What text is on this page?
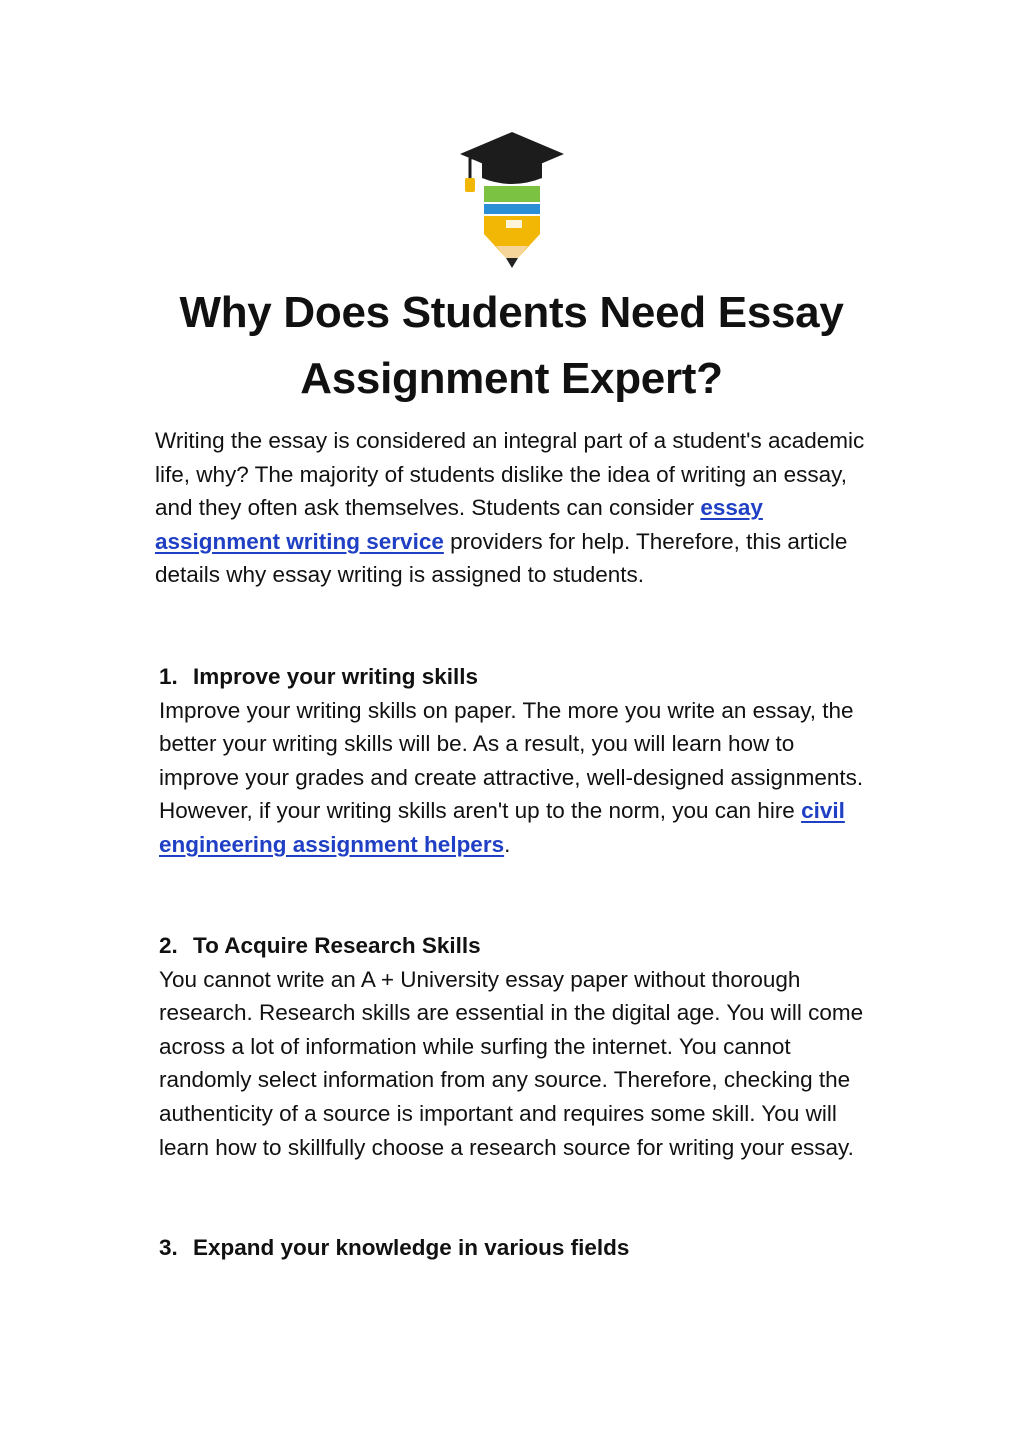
Why Does Students Need Essay
Assignment Expert?

Writing the essay is considered an integral part of a student's academic life, why? The majority of students dislike the idea of writing an essay, and they often ask themselves. Students can consider essay assignment writing service providers for help. Therefore, this article details why essay writing is assigned to students.

1. Improve your writing skills

Improve your writing skills on paper. The more you write an essay, the better your writing skills will be. As a result, you will learn how to improve your grades and create attractive, well-designed assignments. However, if your writing skills aren't up to the norm, you can hire civil engineering assignment helpers.

2. To Acquire Research Skills

You cannot write an A + University essay paper without thorough research. Research skills are essential in the digital age. You will come across a lot of information while surfing the internet. You cannot randomly select information from any source. Therefore, checking the authenticity of a source is important and requires some skill. You will learn how to skillfully choose a research source for writing your essay.

3. Expand your knowledge in various fields
